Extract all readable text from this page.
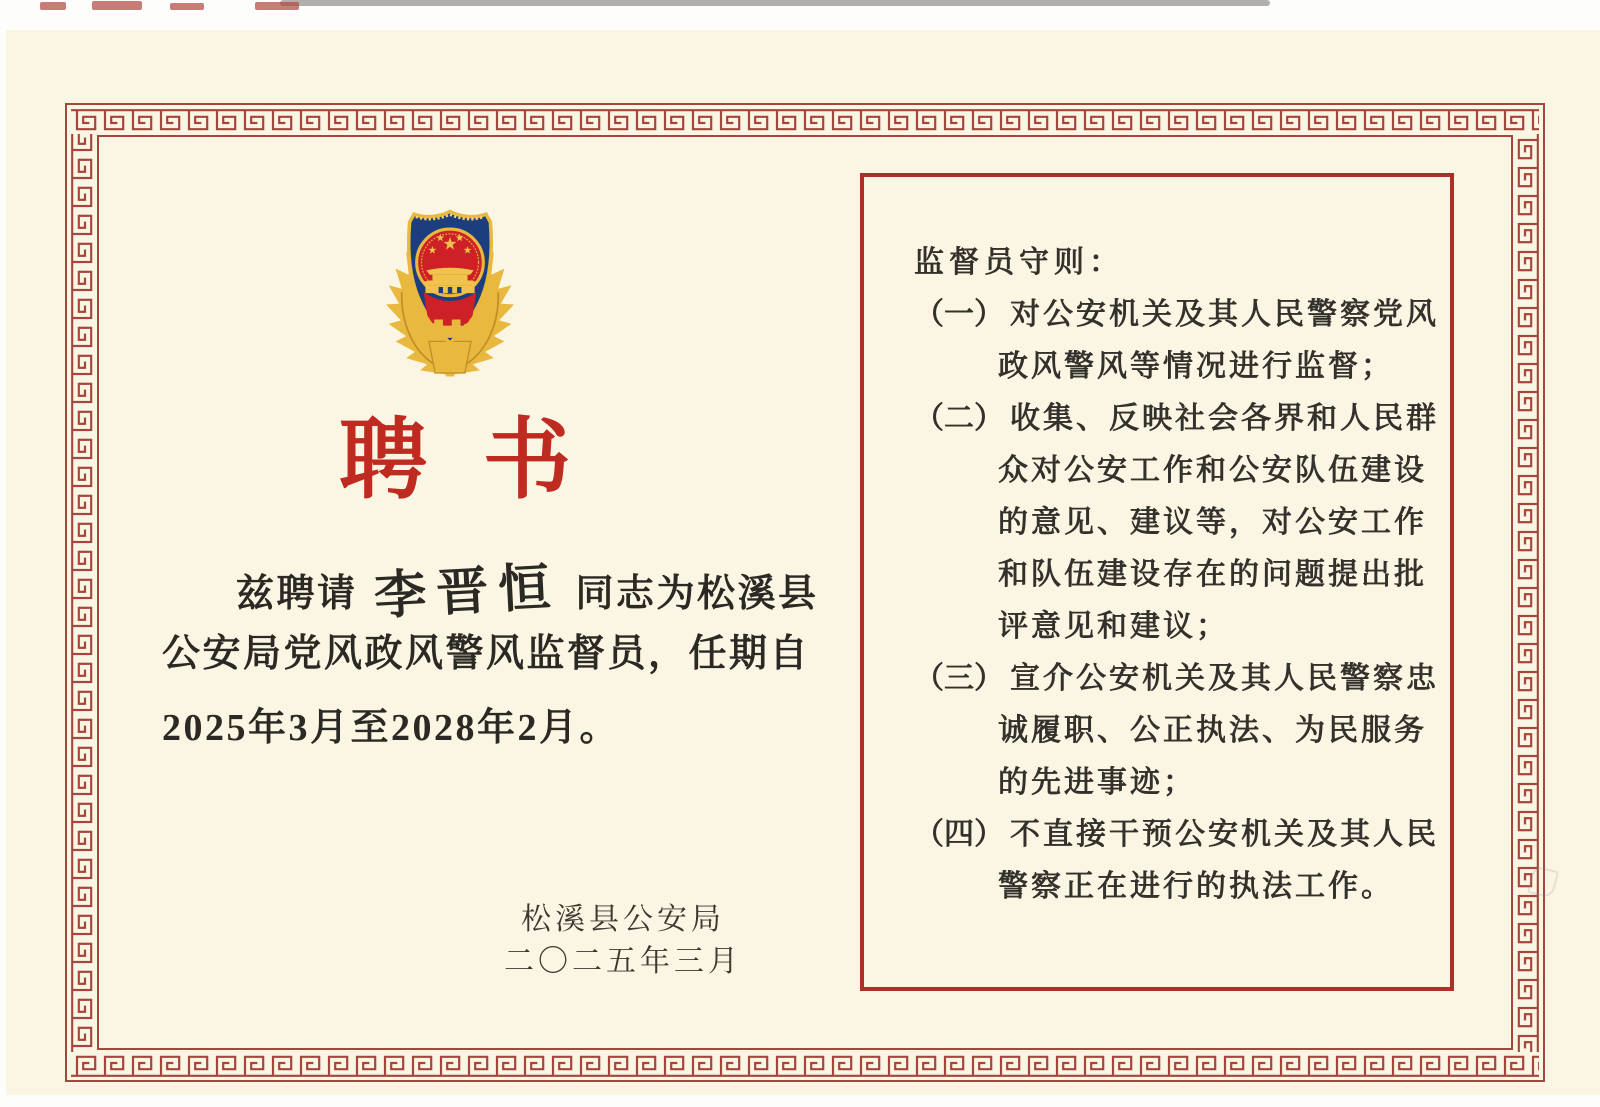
聘 书
兹聘请 李晋恒 同志为松溪县
公安局党风政风警风监督员，任期自
2025年3月至2028年2月。
松溪县公安局
二〇二五年三月
监督员守则：
（一） 对公安机关及其人民警察党风
政风警风等情况进行监督；
（二） 收集、反映社会各界和人民群
众对公安工作和公安队伍建设
的意见、建议等，对公安工作
和队伍建设存在的问题提出批
评意见和建议；
（三） 宣介公安机关及其人民警察忠
诚履职、公正执法、为民服务
的先进事迹；
（四） 不直接干预公安机关及其人民
警察正在进行的执法工作。
